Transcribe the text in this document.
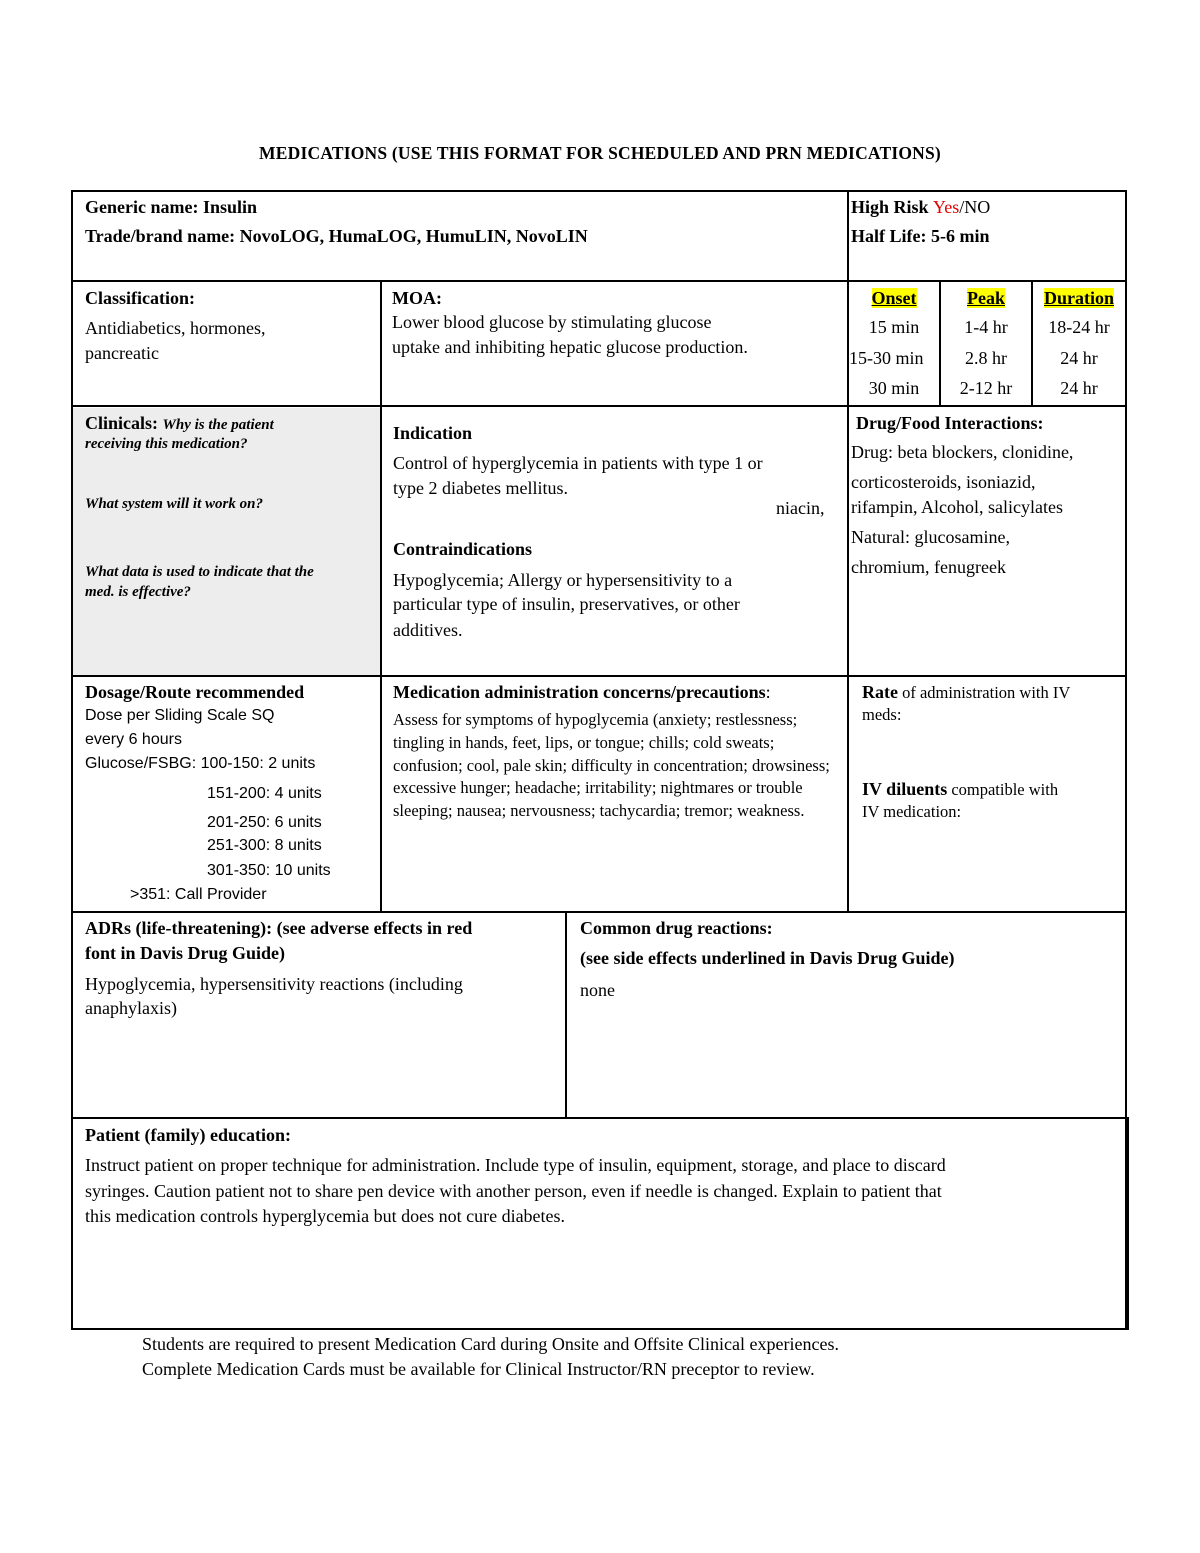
MEDICATIONS (USE THIS FORMAT FOR SCHEDULED AND PRN MEDICATIONS)
Generic name: Insulin
Trade/brand name: NovoLOG, HumaLOG, HumuLIN, NovoLIN
High Risk Yes/NO
Half Life: 5-6 min
Classification:
Antidiabetics, hormones,
pancreatic
MOA:
Lower blood glucose by stimulating glucose
uptake and inhibiting hepatic glucose production.
Onset	Peak	Duration
15 min	1-4 hr	18-24 hr
15-30 min	2.8 hr	24 hr
30 min	2-12 hr	24 hr
Clinicals: Why is the patient
receiving this medication?
What system will it work on?
What data is used to indicate that the
med. is effective?
Indication
Control of hyperglycemia in patients with type 1 or
type 2 diabetes mellitus.
niacin,
Contraindications
Hypoglycemia; Allergy or hypersensitivity to a
particular type of insulin, preservatives, or other
additives.
Drug/Food Interactions:
Drug: beta blockers, clonidine,
corticosteroids, isoniazid,
rifampin, Alcohol, salicylates
Natural: glucosamine,
chromium, fenugreek
Dosage/Route recommended
Dose per Sliding Scale SQ
every 6 hours
Glucose/FSBG: 100-150: 2 units
151-200: 4 units
201-250: 6 units
251-300: 8 units
301-350: 10 units
>351: Call Provider
Medication administration concerns/precautions:
Assess for symptoms of hypoglycemia (anxiety; restlessness; tingling in hands, feet, lips, or tongue; chills; cold sweats; confusion; cool, pale skin; difficulty in concentration; drowsiness; excessive hunger; headache; irritability; nightmares or trouble sleeping; nausea; nervousness; tachycardia; tremor; weakness.
Rate of administration with IV
meds:
IV diluents compatible with
IV medication:
ADRs (life-threatening): (see adverse effects in red
font in Davis Drug Guide)
Hypoglycemia, hypersensitivity reactions (including
anaphylaxis)
Common drug reactions:
(see side effects underlined in Davis Drug Guide)
none
Patient (family) education:
Instruct patient on proper technique for administration. Include type of insulin, equipment, storage, and place to discard
syringes. Caution patient not to share pen device with another person, even if needle is changed. Explain to patient that
this medication controls hyperglycemia but does not cure diabetes.
Students are required to present Medication Card during Onsite and Offsite Clinical experiences.
Complete Medication Cards must be available for Clinical Instructor/RN preceptor to review.
